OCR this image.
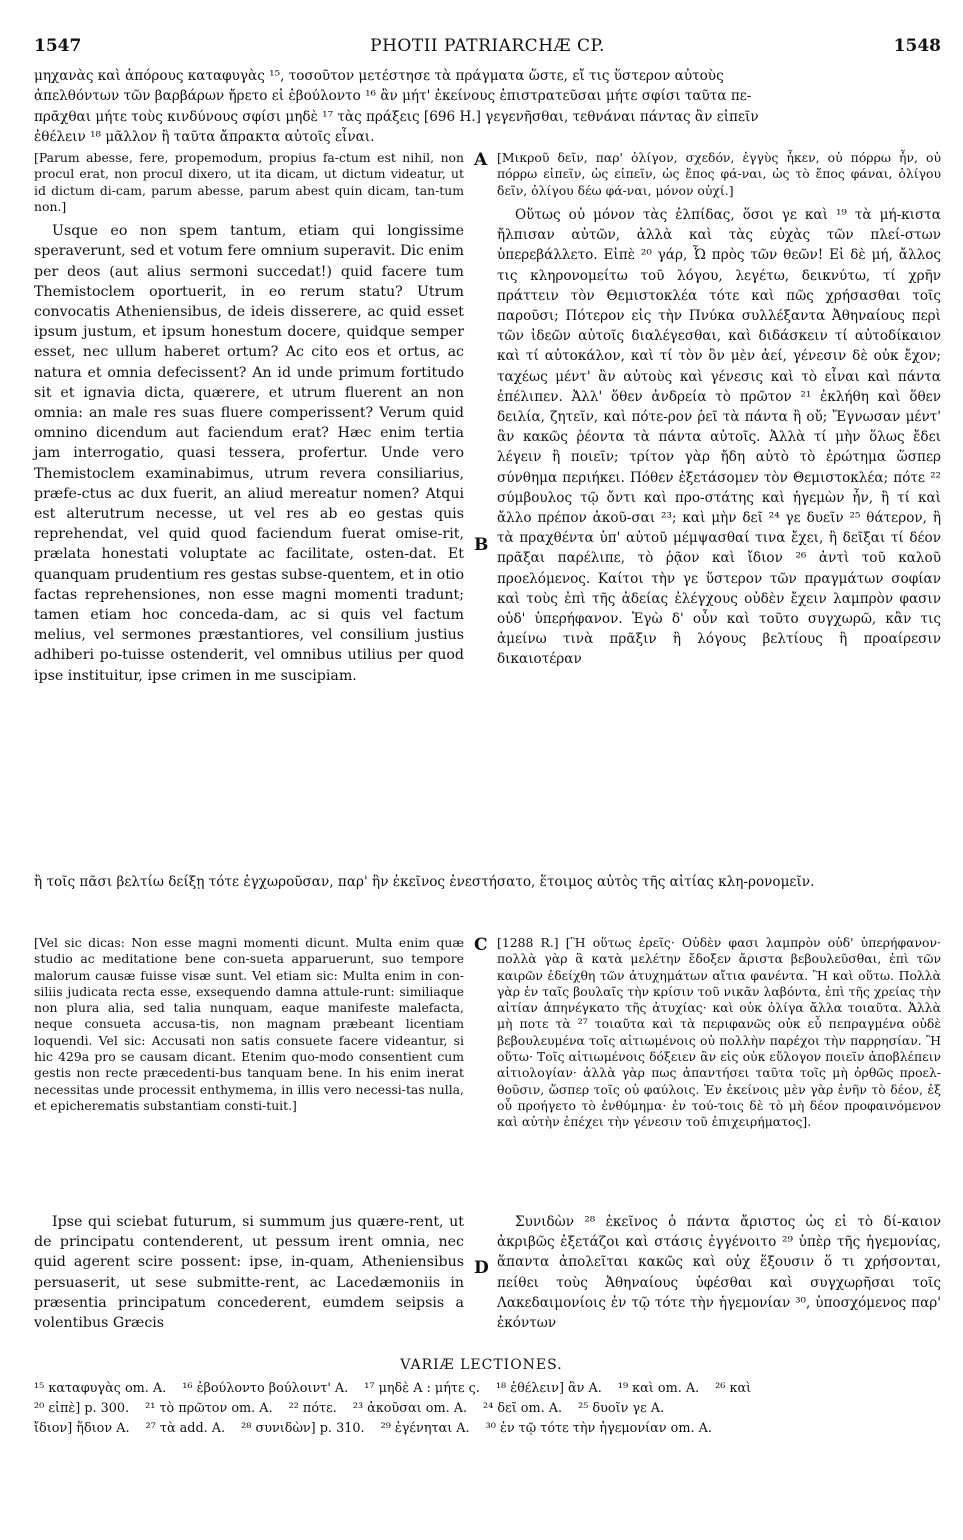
1547	PHOTII PATRIARCHÆ CP.	1548
μηχανὰς καὶ ἀπόρους καταφυγὰς ¹⁵, τοσοῦτον μετέστησε τὰ πράγματα ὥστε, εἴ τις ὕστερον αὐτοὺς
ἀπελθόντων τῶν βαρβάρων ἤρετο εἰ ἐβούλοντο ¹⁶ ἂν μήτ' ἐκείνους ἐπιστρατεῦσαι μήτε σφίσι ταῦτα πε-
πρᾶχθαι μήτε τοὺς κινδύνους σφίσι μηδὲ ¹⁷ τὰς πράξεις [696 H.] γεγενῆσθαι, τεθνάναι πάντας ἂν εἰπεῖν
ἐθέλειν ¹⁸ μᾶλλον ἢ ταῦτα ἄπρακτα αὐτοῖς εἶναι.
A
B
C
D
[Parum abesse, fere, propemodum, propius fa-ctum est nihil, non procul erat, non procul dixero, ut ita dicam, ut dictum videatur, ut id dictum di-cam, parum abesse, parum abest quin dicam, tan-tum non.]
Usque eo non spem tantum, etiam qui longissime speraverunt, sed et votum fere omnium superavit. Dic enim per deos (aut alius sermoni succedat!) quid facere tum Themistoclem oportuerit, in eo rerum statu? Utrum convocatis Atheniensibus, de ideis disserere, ac quid esset ipsum justum, et ipsum honestum docere, quidque semper esset, nec ullum haberet ortum? Ac cito eos et ortus, ac natura et omnia defecissent? An id unde primum fortitudo sit et ignavia dicta, quærere, et utrum fluerent an non omnia: an male res suas fluere comperissent? Verum quid omnino dicendum aut faciendum erat? Hæc enim tertia jam interrogatio, quasi tessera, profertur. Unde vero Themistoclem examinabimus, utrum revera consiliarius, præfe-ctus ac dux fuerit, an aliud mereatur nomen? Atqui est alterutrum necesse, ut vel res ab eo gestas quis reprehendat, vel quid quod faciendum fuerat omise-rit, prælata honestati voluptate ac facilitate, osten-dat. Et quanquam prudentium res gestas subse-quentem, et in otio factas reprehensiones, non esse magni momenti tradunt; tamen etiam hoc conceda-dam, ac si quis vel factum melius, vel sermones præstantiores, vel consilium justius adhiberi po-tuisse ostenderit, vel omnibus utilius per quod ipse instituitur, ipse crimen in me suscipiam.
[Μικροῦ δεῖν, παρ' ὀλίγον, σχεδόν, ἐγγὺς ἧκεν, οὐ πόρρω ἦν, οὐ πόρρω εἰπεῖν, ὡς εἰπεῖν, ὡς ἔπος φά-ναι, ὡς τὸ ἔπος φάναι, ὀλίγου δεῖν, ὀλίγου δέω φά-ναι, μόνον οὐχί.]
Οὕτως οὐ μόνον τὰς ἐλπίδας, ὅσοι γε καὶ ¹⁹ τὰ μή-κιστα ἤλπισαν αὐτῶν, ἀλλὰ καὶ τὰς εὐχὰς τῶν πλεί-στων ὑπερεβάλλετο. Εἰπὲ ²⁰ γάρ, Ὦ πρὸς τῶν θεῶν! Εἰ δὲ μή, ἄλλος τις κληρονομείτω τοῦ λόγου, λεγέτω, δεικνύτω, τί χρῆν πράττειν τὸν Θεμιστοκλέα τότε καὶ πῶς χρήσασθαι τοῖς παροῦσι; Πότερον εἰς τὴν Πνύκα συλλέξαντα Ἀθηναίους περὶ τῶν ἰδεῶν αὐτοῖς διαλέγεσθαι, καὶ διδάσκειν τί αὐτοδίκαιον καὶ τί αὐτοκάλον, καὶ τί τὸν ὂν μὲν ἀεί, γένεσιν δὲ οὐκ ἔχον; ταχέως μέντ' ἂν αὐτοὺς καὶ γένεσις καὶ τὸ εἶναι καὶ πάντα ἐπέλιπεν. Ἀλλ' ὅθεν ἀνδρεία τὸ πρῶτον ²¹ ἐκλήθη καὶ ὅθεν δειλία, ζητεῖν, καὶ πότε-ρον ῥεῖ τὰ πάντα ἢ οὔ; Ἔγνωσαν μέντ' ἂν κακῶς ῥέοντα τὰ πάντα αὐτοῖς. Ἀλλὰ τί μὴν ὅλως ἔδει λέγειν ἢ ποιεῖν; τρίτον γὰρ ἤδη αὐτὸ τὸ ἐρώτημα ὥσπερ σύνθημα περιήκει. Πόθεν ἐξετάσομεν τὸν Θεμιστοκλέα; πότε ²² σύμβουλος τῷ ὄντι καὶ προ-στάτης καὶ ἡγεμὼν ἦν, ἢ τί καὶ ἄλλο πρέπον ἀκοῦ-σαι ²³; καὶ μὴν δεῖ ²⁴ γε δυεῖν ²⁵ θάτερον, ἢ τὰ πραχθέντα ὑπ' αὐτοῦ μέμψασθαί τινα ἔχει, ἢ δεῖξαι τί δέον πρᾶξαι παρέλιπε, τὸ ῥᾷον καὶ ἴδιον ²⁶ ἀντὶ τοῦ καλοῦ προελόμενος. Καίτοι τὴν γε ὕστερον τῶν πραγμάτων σοφίαν καὶ τοὺς ἐπὶ τῆς ἀδείας ἐλέγχους οὐδὲν ἔχειν λαμπρὸν φασιν οὐδ' ὑπερήφανον. Ἐγὼ δ' οὖν καὶ τοῦτο συγχωρῶ, κἂν τις ἀμείνω τινὰ πρᾶξιν ἢ λόγους βελτίους ἢ προαίρεσιν δικαιοτέραν
ἢ τοῖς πᾶσι βελτίω δείξῃ τότε ἐγχωροῦσαν, παρ' ἣν ἐκεῖνος ἐνεστήσατο, ἕτοιμος αὐτὸς τῆς αἰτίας κλη-ρονομεῖν.
[Vel sic dicas: Non esse magni momenti dicunt. Multa enim quæ studio ac meditatione bene con-sueta apparuerunt, suo tempore malorum causæ fuisse visæ sunt. Vel etiam sic: Multa enim in con-siliis judicata recta esse, exsequendo damna attule-runt: similiaque non plura alia, sed talia nunquam, eaque manifeste malefacta, neque consueta accusa-tis, non magnam præbeant licentiam loquendi. Vel sic: Accusati non satis consuete facere videantur, si hic 429a pro se causam dicant. Etenim quo-modo consentient cum gestis non recte præcedenti-bus tanquam bene. In his enim inerat necessitas unde processit enthymema, in illis vero necessi-tas nulla, et epicherematis substantiam consti-tuit.]
[1288 R.] [Ἢ οὕτως ἐρεῖς· Οὐδὲν φασι λαμπρὸν οὐδ' ὑπερήφανον· πολλὰ γὰρ ἃ κατὰ μελέτην ἔδοξεν ἄριστα βεβουλεῦσθαι, ἐπὶ τῶν καιρῶν ἐδείχθη τῶν ἀτυχημάτων αἴτια φανέντα. Ἢ καὶ οὕτω. Πολλὰ γὰρ ἐν ταῖς βουλαῖς τὴν κρίσιν τοῦ νικᾶν λαβόντα, ἐπὶ τῆς χρείας τὴν αἰτίαν ἀπηνέγκατο τῆς ἀτυχίας· καὶ οὐκ ὀλίγα ἄλλα τοιαῦτα. Ἀλλὰ μὴ ποτε τὰ ²⁷ τοιαῦτα καὶ τὰ περιφανῶς οὐκ εὖ πεπραγμένα οὐδὲ βεβουλευμένα τοῖς αἰτιωμένοις οὐ πολλὴν παρέχοι τὴν παρρησίαν. Ἢ οὕτω· Τοῖς αἰτιωμένοις δόξειεν ἂν εἰς οὐκ εὔλογον ποιεῖν ἀποβλέπειν αἰτιολογίαν· ἀλλὰ γὰρ πως ἀπαντήσει ταῦτα τοῖς μὴ ὀρθῶς προελ-θοῦσιν, ὥσπερ τοῖς οὐ φαύλοις. Ἐν ἐκείνοις μὲν γὰρ ἐνῆν τὸ δέον, ἐξ οὗ προήγετο τὸ ἐνθύμημα· ἐν τού-τοις δὲ τὸ μὴ δέον προφαινόμενον καὶ αὐτὴν ἐπέχει τὴν γένεσιν τοῦ ἐπιχειρήματος].
Ipse qui sciebat futurum, si summum jus quære-rent, ut de principatu contenderent, ut pessum irent omnia, nec quid agerent scire possent: ipse, in-quam, Atheniensibus persuaserit, ut sese submitte-rent, ac Lacedæmoniis in præsentia principatum concederent, eumdem seipsis a volentibus Græcis
Συνιδὼν ²⁸ ἐκεῖνος ὁ πάντα ἄριστος ὡς εἰ τὸ δί-καιον ἀκριβῶς ἐξετάζοι καὶ στάσις ἐγγένοιτο ²⁹ ὑπὲρ τῆς ἡγεμονίας, ἅπαντα ἀπολεῖται κακῶς καὶ οὐχ ἕξουσιν ὅ τι χρήσονται, πείθει τοὺς Ἀθηναίους ὑφέσθαι καὶ συγχωρῆσαι τοῖς Λακεδαιμονίοις ἐν τῷ τότε τὴν ἡγεμονίαν ³⁰, ὑποσχόμενος παρ' ἑκόντων
VARIÆ LECTIONES.
¹⁵ καταφυγὰς om. A. ¹⁶ ἐβούλοντο βούλοιντ' A. ¹⁷ μηδὲ A : μήτε ς. ¹⁸ ἐθέλειν] ἂν A. ¹⁹ καὶ om. A. ²⁶ καὶ
²⁰ εἰπὲ] p. 300. ²¹ τὸ πρῶτον om. A. ²² πότε. ²³ ἀκοῦσαι om. A. ²⁴ δεῖ om. A. ²⁵ δυοῖν γε A.
ἴδιον] ἥδιον A. ²⁷ τὰ add. A. ²⁸ συνιδὼν] p. 310. ²⁹ ἐγένηται A. ³⁰ ἐν τῷ τότε τὴν ἡγεμονίαν om. A.
